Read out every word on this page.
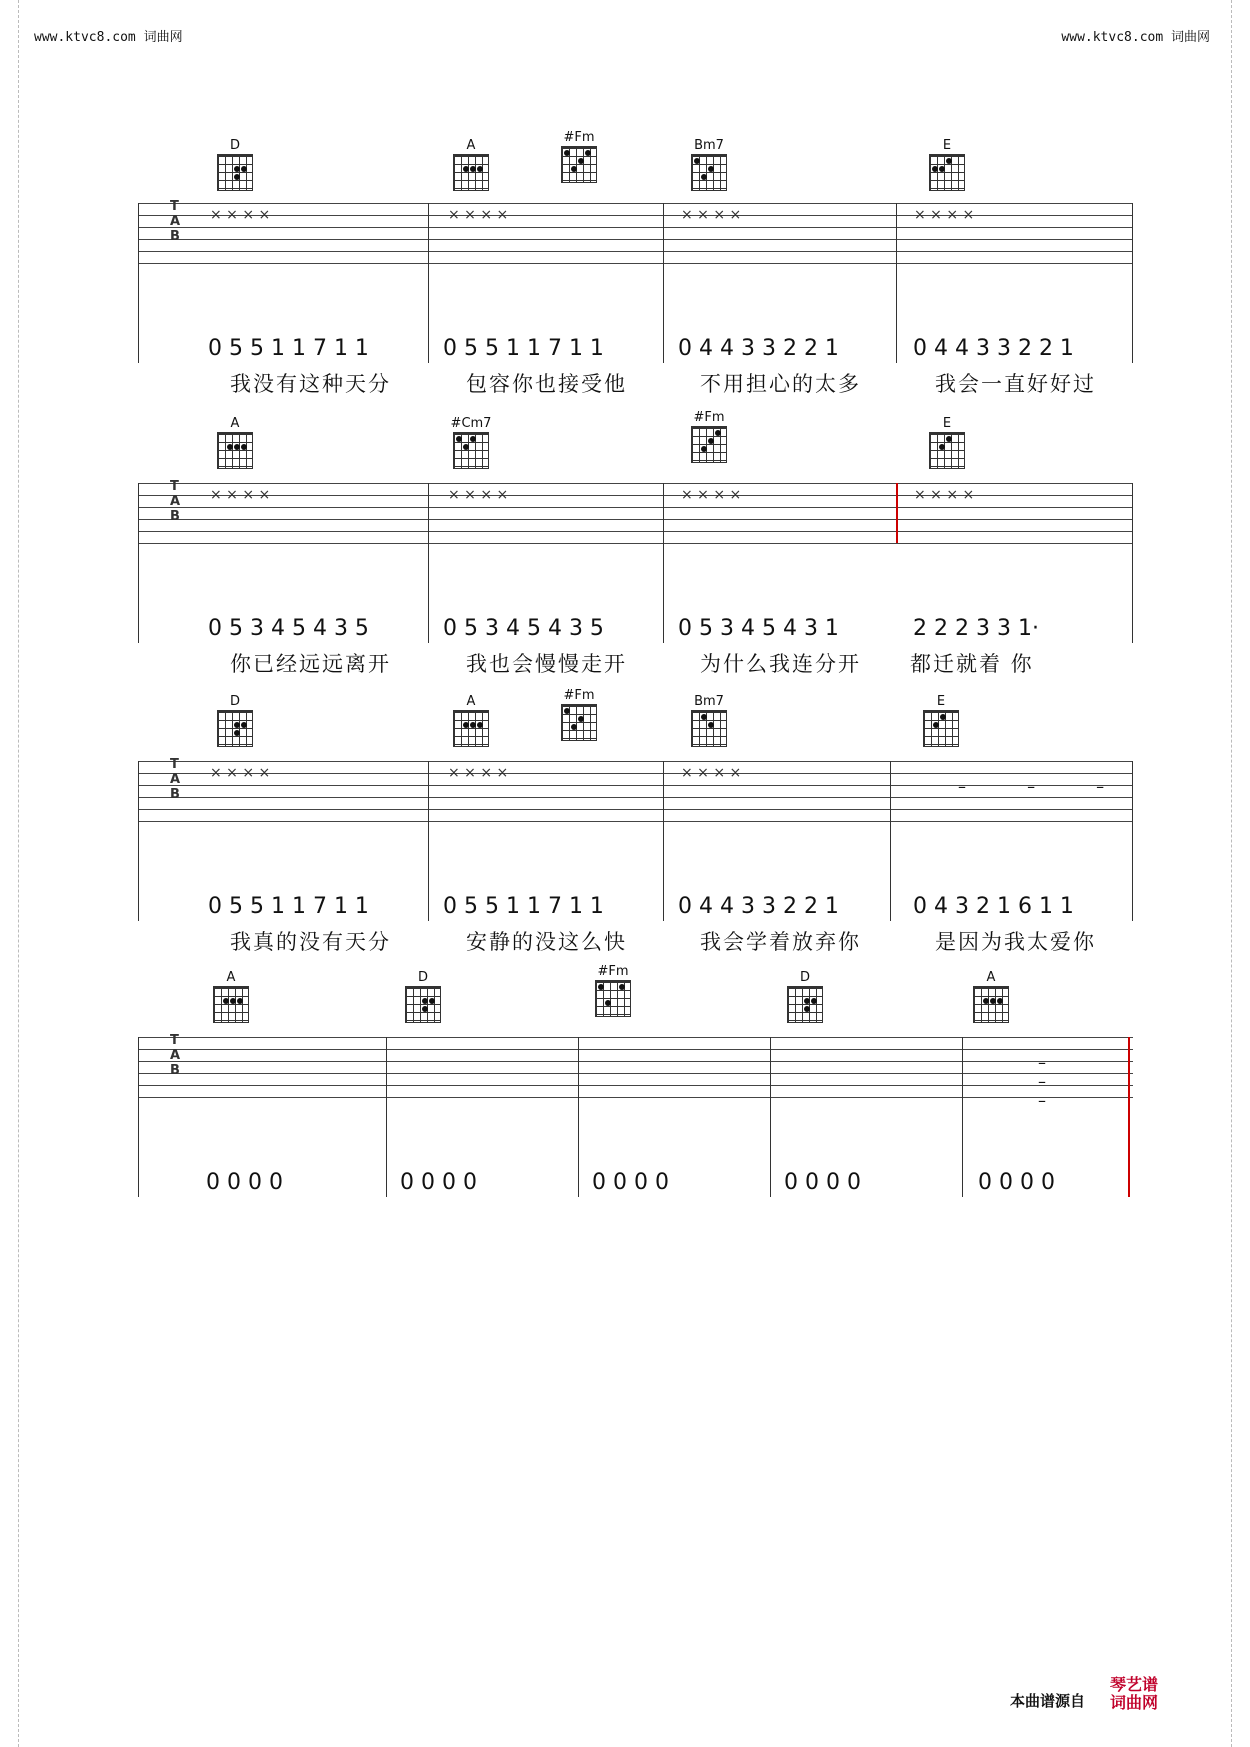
www.ktvc8.com 词曲网	www.ktvc8.com 词曲网
D	A
#Fm
Bm7	E
T
A
B
× × × ×	× × × ×	× × × ×	× × × ×
0 5 5 1 1 7 1 1	0 5 5 1 1 7 1 1	0 4 4 3 3 2 2 1	0 4 4 3 3 2 2 1
我没有这种天分	包容你也接受他	不用担心的太多	我会一直好好过
A	#Cm7	#Fm	E
T
A
B
× × × ×	× × × ×	× × × ×	× × × ×
0 5 3 4 5 4 3 5	0 5 3 4 5 4 3 5	0 5 3 4 5 4 3 1	2 2 2 3 3 1·
你已经远远离开	我也会慢慢走开	为什么我连分开 都迁就着 你
D	A	#Fm	Bm7	E
T
A
B
× × × ×	× × × ×	× × × ×
– – –
0 5 5 1 1 7 1 1	0 5 5 1 1 7 1 1	0 4 4 3 3 2 2 1	0 4 3 2 1 6 1 1
我真的没有天分	安静的没这么快	我会学着放弃你	是因为我太爱你
A	D	#Fm	D	A
T
A
B	– – –
0 0 0 0	0 0 0 0	0 0 0 0	0 0 0 0	0 0 0 0
本曲谱源自
琴艺谱
词曲网
